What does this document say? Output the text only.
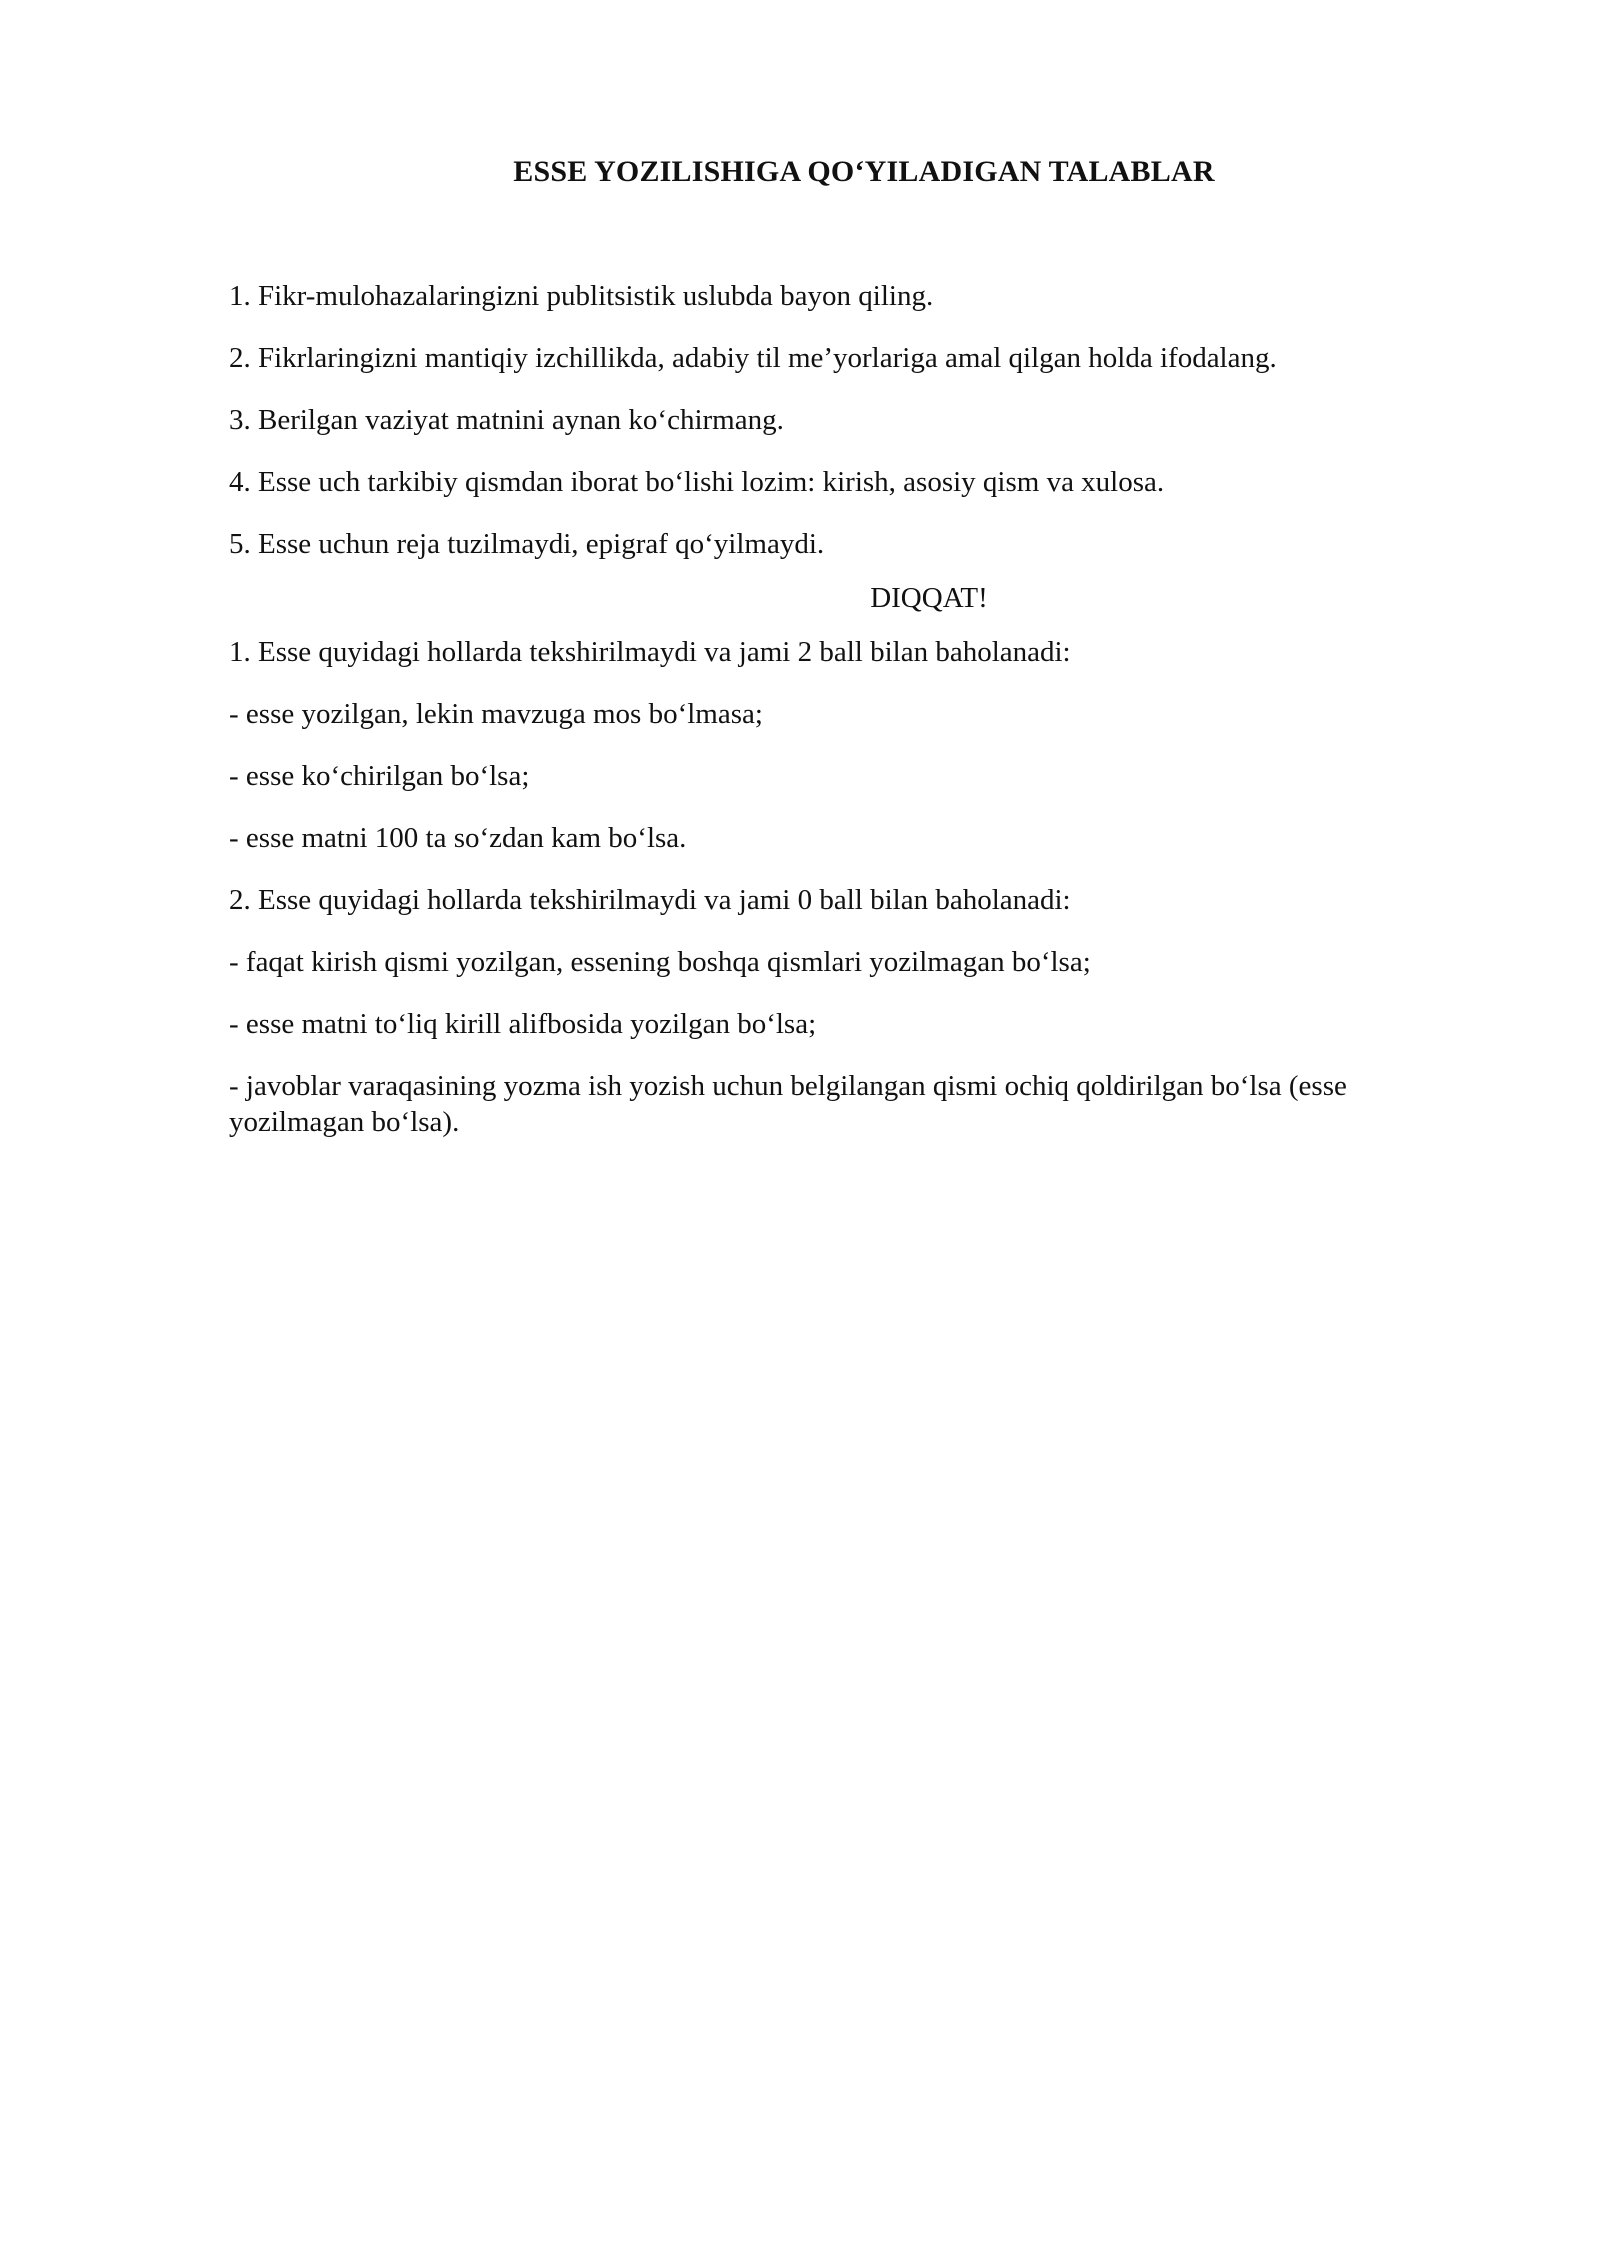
ESSE YOZILISHIGA QO‘YILADIGAN TALABLAR

1. Fikr-mulohazalaringizni publitsistik uslubda bayon qiling.

2. Fikrlaringizni mantiqiy izchillikda, adabiy til me’yorlariga amal qilgan holda ifodalang.

3. Berilgan vaziyat matnini aynan ko‘chirmang.

4. Esse uch tarkibiy qismdan iborat bo‘lishi lozim: kirish, asosiy qism va xulosa.

5. Esse uchun reja tuzilmaydi, epigraf qo‘yilmaydi.

DIQQAT!

1. Esse quyidagi hollarda tekshirilmaydi va jami 2 ball bilan baholanadi:

- esse yozilgan, lekin mavzuga mos bo‘lmasa;

- esse ko‘chirilgan bo‘lsa;

- esse matni 100 ta so‘zdan kam bo‘lsa.

2. Esse quyidagi hollarda tekshirilmaydi va jami 0 ball bilan baholanadi:

- faqat kirish qismi yozilgan, essening boshqa qismlari yozilmagan bo‘lsa;

- esse matni to‘liq kirill alifbosida yozilgan bo‘lsa;

- javoblar varaqasining yozma ish yozish uchun belgilangan qismi ochiq qoldirilgan bo‘lsa (esse yozilmagan bo‘lsa).
